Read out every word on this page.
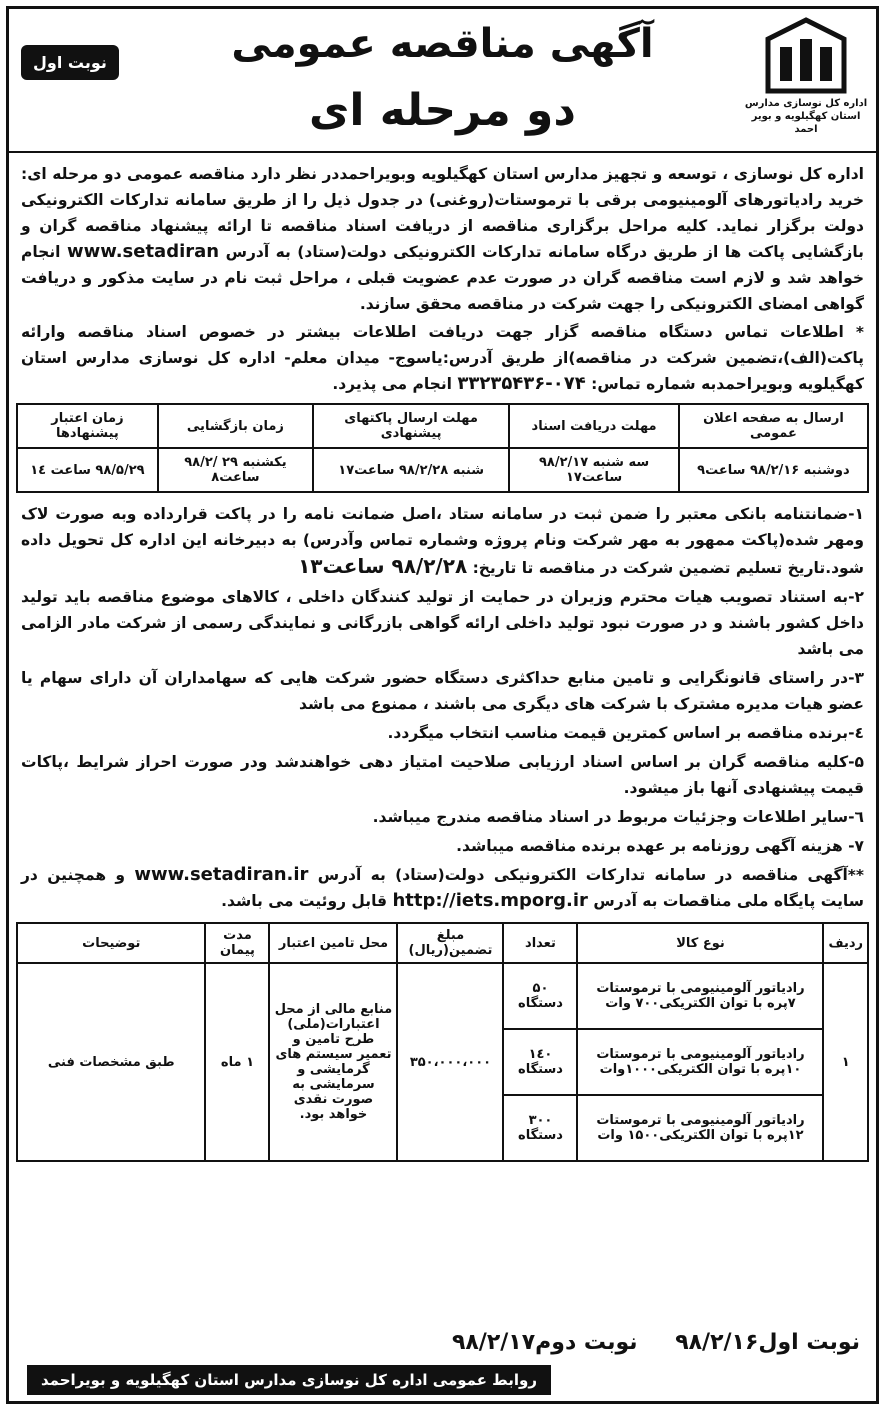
اداره کل نوسازی مدارس
استان کهگیلویه و بویر احمد
آگهی مناقصه عمومی
دو مرحله ای
نوبت اول

اداره کل نوسازی ، توسعه و تجهیز مدارس استان کهگیلویه وبویراحمددر نظر دارد مناقصه عمومی دو مرحله ای: خرید رادیاتورهای آلومینیومی برقی با ترموستات(روغنی) در جدول ذیل را از طریق سامانه تدارکات الکترونیکی دولت برگزار نماید. کلیه مراحل برگزاری مناقصه از دریافت اسناد مناقصه تا ارائه پیشنهاد مناقصه گران و بازگشایی پاکت ها از طریق درگاه سامانه تدارکات الکترونیکی دولت(ستاد) به آدرس www.setadiran انجام خواهد شد و لازم است مناقصه گران در صورت عدم عضویت قبلی ، مراحل ثبت نام در سایت مذکور و دریافت گواهی امضای الکترونیکی را جهت شرکت در مناقصه محقق سازند.

* اطلاعات تماس دستگاه مناقصه گزار جهت دریافت اطلاعات بیشتر در خصوص اسناد مناقصه وارائه پاکت(الف)،تضمین شرکت در مناقصه)از طریق آدرس:یاسوج- میدان معلم- اداره کل نوسازی مدارس استان کهگیلویه وبویراحمدبه شماره تماس: ۰۷۴-۳۳۲۳۵۴۳۶ انجام می پذیرد.

ارسال به صفحه اعلان عمومی	مهلت دریافت اسناد	مهلت ارسال پاکتهای پیشنهادی	زمان بازگشایی	زمان اعتبار پیشنهادها
دوشنبه ۹۸/۲/۱۶ ساعت۹	سه شنبه ۹۸/۲/۱۷ ساعت۱۷	شنبه ۹۸/۲/۲۸ ساعت۱۷	یکشنبه ۲۹ /۹۸/۲ ساعت۸	۹۸/۵/۲۹ ساعت ۱٤

۱-ضمانتنامه بانکی معتبر را ضمن ثبت در سامانه ستاد ،اصل ضمانت نامه را در پاکت قرارداده وبه صورت لاک ومهر شده(پاکت ممهور به مهر شرکت ونام پروژه وشماره تماس وآدرس) به دبیرخانه این اداره کل تحویل داده شود.تاریخ تسلیم تضمین شرکت در مناقصه تا تاریخ: ۹۸/۲/۲۸ ساعت۱۳

۲-به استناد تصویب هیات محترم وزیران در حمایت از تولید کنندگان داخلی ، کالاهای موضوع مناقصه باید تولید داخل کشور باشند و در صورت نبود تولید داخلی ارائه گواهی بازرگانی و نمایندگی رسمی از شرکت مادر الزامی می باشد

۳-در راستای قانونگرایی و تامین منابع حداکثری دستگاه حضور شرکت هایی که سهامداران آن دارای سهام یا عضو هیات مدیره مشترک با شرکت های دیگری می باشند ، ممنوع می باشد

٤-برنده مناقصه بر اساس کمترین قیمت مناسب انتخاب میگردد.

۵-کلیه مناقصه گران بر اساس اسناد ارزیابی صلاحیت امتیاز دهی خواهندشد ودر صورت احراز شرایط ،پاکات قیمت پیشنهادی آنها باز میشود.

٦-سایر اطلاعات وجزئیات مربوط در اسناد مناقصه مندرج میباشد.

۷- هزینه آگهی روزنامه بر عهده برنده مناقصه میباشد.

**آگهی مناقصه در سامانه تدارکات الکترونیکی دولت(ستاد) به آدرس www.setadiran.ir و همچنین در سایت پایگاه ملی مناقصات به آدرس http://iets.mporg.ir قابل روئیت می باشد.

ردیف	نوع کالا	تعداد	مبلغ تضمین(ریال)	محل تامین اعتبار	مدت پیمان	توضیحات
۱	رادیاتور آلومینیومی با ترموستات ۷پره با توان الکتریکی۷۰۰ وات	۵۰ دستگاه	۳۵۰،۰۰۰،۰۰۰	منابع مالی از محل اعتبارات(ملی) طرح تامین و تعمیر سیستم های گرمایشی و سرمایشی به صورت نقدی خواهد بود.	۱ ماه	طبق مشخصات فنی
	رادیاتور آلومینیومی با ترموستات ۱۰پره با توان الکتریکی۱۰۰۰وات	۱٤۰ دستگاه				
	رادیاتور آلومینیومی با ترموستات ۱۲پره با توان الکتریکی۱۵۰۰ وات	۳۰۰ دستگاه				
نوبت اول۹۸/۲/۱۶ نوبت دوم۹۸/۲/۱۷
روابط عمومی اداره کل نوسازی مدارس استان کهگیلویه و بویراحمد
